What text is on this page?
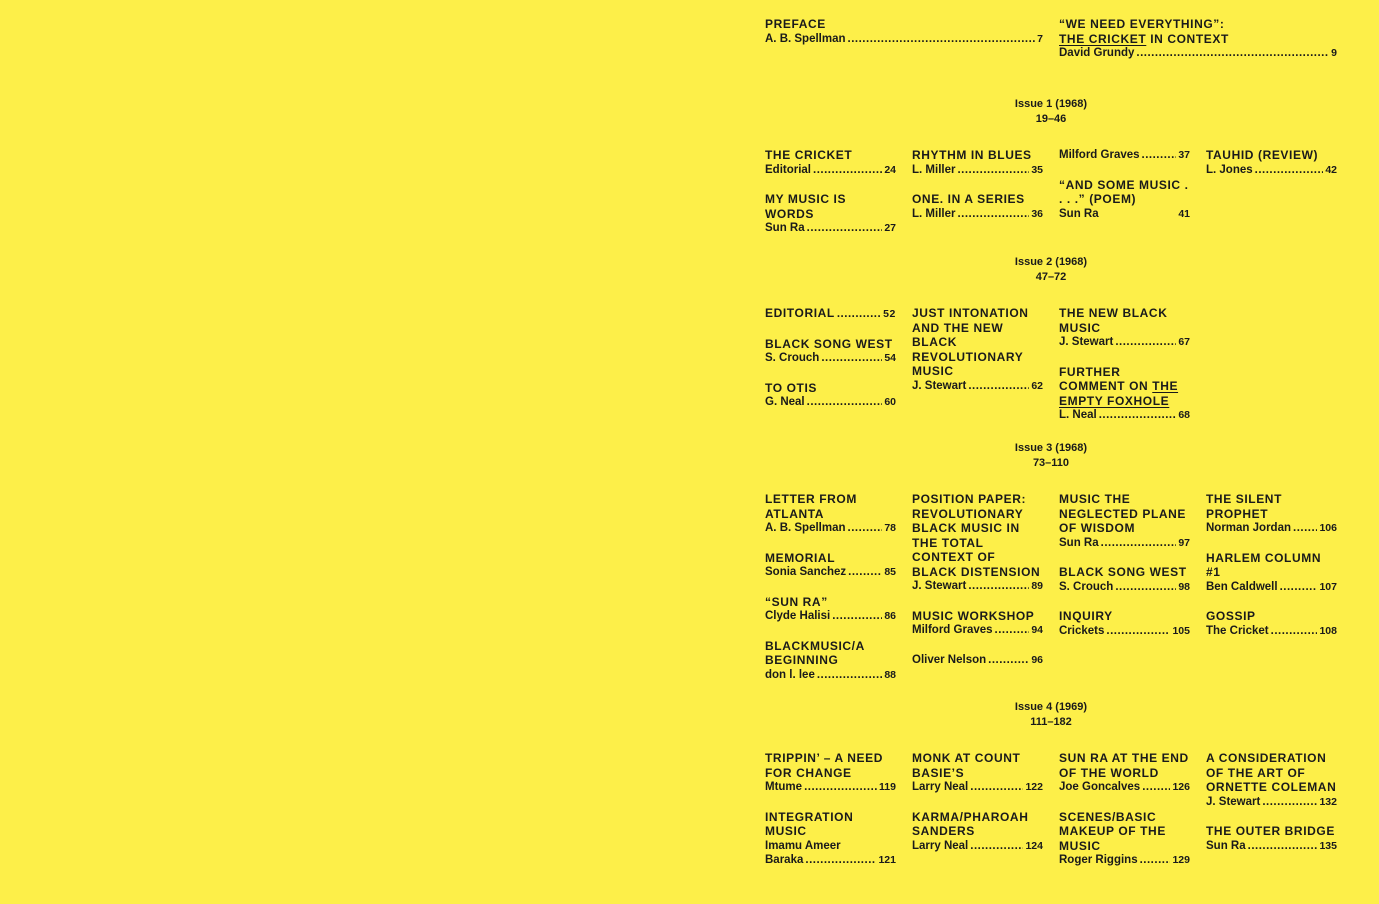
PREFACE
A. B. Spellman .....	7
“WE NEED EVERYTHING”:
THE CRICKET IN CONTEXT
David Grundy .....	9
Issue 1 (1968)
19–46
THE CRICKET
Editorial .....	24
MY MUSIC IS WORDS
Sun Ra .....	27
RHYTHM IN BLUES
L. Miller .....	35
ONE. IN A SERIES
L. Miller .....	36
Milford Graves .....	37
“AND SOME MUSIC . . . .” (POEM)
Sun Ra	41
TAUHID (REVIEW)
L. Jones .....	42
Issue 2 (1968)
47–72
EDITORIAL .....	52
BLACK SONG WEST
S. Crouch .....	54
TO OTIS
G. Neal .....	60
JUST INTONATION AND THE NEW BLACK REVOLUTIONARY MUSIC
J. Stewart .....	62
THE NEW BLACK MUSIC
J. Stewart .....	67
FURTHER COMMENT ON THE EMPTY FOXHOLE
L. Neal .....	68
Issue 3 (1968)
73–110
LETTER FROM ATLANTA
A. B. Spellman .....	78
MEMORIAL
Sonia Sanchez .....	85
“SUN RA”
Clyde Halisi .....	86
BLACKMUSIC/A BEGINNING
don l. lee .....	88
POSITION PAPER: REVOLUTIONARY BLACK MUSIC IN THE TOTAL CONTEXT OF BLACK DISTENSION
J. Stewart .....	89
MUSIC WORKSHOP
Milford Graves .....	94
Oliver Nelson .....	96
MUSIC THE NEGLECTED PLANE OF WISDOM
Sun Ra .....	97
BLACK SONG WEST
S. Crouch .....	98
INQUIRY
Crickets .....	105
THE SILENT PROPHET
Norman Jordan .....	106
HARLEM COLUMN #1
Ben Caldwell .....	107
GOSSIP
The Cricket .....	108
Issue 4 (1969)
111–182
TRIPPIN’ – A NEED FOR CHANGE
Mtume .....	119
INTEGRATION MUSIC
Imamu Ameer
Baraka .....	121
MONK AT COUNT BASIE’S
Larry Neal .....	122
KARMA/PHAROAH SANDERS
Larry Neal .....	124
SUN RA AT THE END OF THE WORLD
Joe Goncalves .....	126
SCENES/BASIC MAKEUP OF THE MUSIC
Roger Riggins .....	129
A CONSIDERATION OF THE ART OF ORNETTE COLEMAN
J. Stewart .....	132
THE OUTER BRIDGE
Sun Ra .....	135
